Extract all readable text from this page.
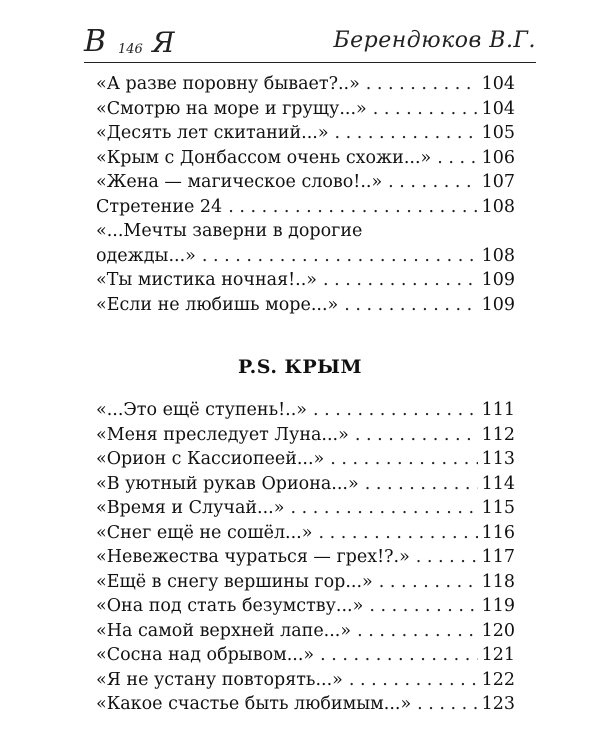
В 146 Я	Берендюков В.Г.
«А разве поровну бывает?..» . . .	104
«Смотрю на море и грущу...» . . .	104
«Десять лет скитаний...» . . .	105
«Крым с Донбассом очень схожи...» . . .	106
«Жена — магическое слово!..» . . .	107
Стретение 24 . . .	108
«...Мечты заверни в дорогие
одежды...» . . .	108
«Ты мистика ночная!..» . . .	109
«Если не любишь море...» . . .	109
P.S. КРЫМ
«...Это ещё ступень!..» . . .	111
«Меня преследует Луна...» . . .	112
«Орион с Кассиопеей...» . . .	113
«В уютный рукав Ориона...» . . .	114
«Время и Случай...» . . .	115
«Снег ещё не сошёл...» . . .	116
«Невежества чураться — грех!?.» . . .	117
«Ещё в снегу вершины гор...» . . .	118
«Она под стать безумству...» . . .	119
«На самой верхней лапе...» . . .	120
«Сосна над обрывом...» . . .	121
«Я не устану повторять...» . . .	122
«Какое счастье быть любимым...» . . .	123
